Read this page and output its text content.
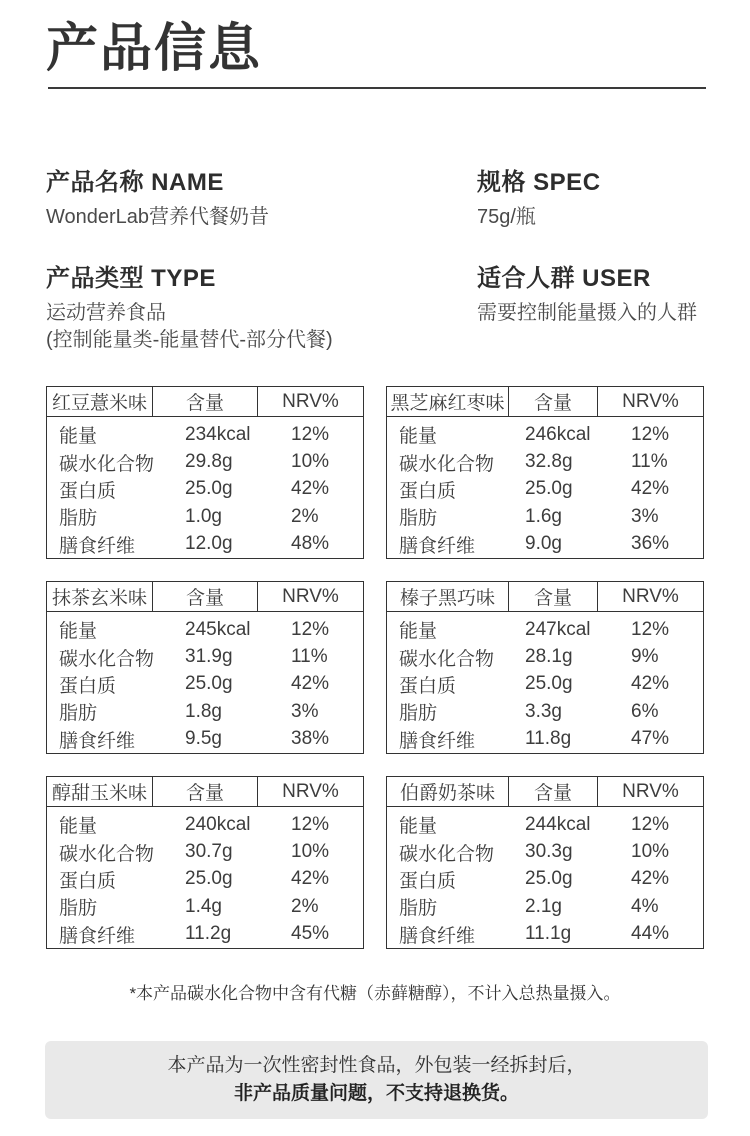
产品信息
产品名称 NAME
WonderLab营养代餐奶昔
规格 SPEC
75g/瓶
产品类型 TYPE
运动营养食品
(控制能量类-能量替代-部分代餐)
适合人群 USER
需要控制能量摄入的人群
红豆薏米味	含量	NRV%
能量	234kcal	12%
碳水化合物	29.8g	10%
蛋白质	25.0g	42%
脂肪	1.0g	2%
膳食纤维	12.0g	48%
黑芝麻红枣味	含量	NRV%
能量	246kcal	12%
碳水化合物	32.8g	11%
蛋白质	25.0g	42%
脂肪	1.6g	3%
膳食纤维	9.0g	36%
抹茶玄米味	含量	NRV%
能量	245kcal	12%
碳水化合物	31.9g	11%
蛋白质	25.0g	42%
脂肪	1.8g	3%
膳食纤维	9.5g	38%
榛子黑巧味	含量	NRV%
能量	247kcal	12%
碳水化合物	28.1g	9%
蛋白质	25.0g	42%
脂肪	3.3g	6%
膳食纤维	11.8g	47%
醇甜玉米味	含量	NRV%
能量	240kcal	12%
碳水化合物	30.7g	10%
蛋白质	25.0g	42%
脂肪	1.4g	2%
膳食纤维	11.2g	45%
伯爵奶茶味	含量	NRV%
能量	244kcal	12%
碳水化合物	30.3g	10%
蛋白质	25.0g	42%
脂肪	2.1g	4%
膳食纤维	11.1g	44%

*本产品碳水化合物中含有代糖（赤藓糖醇），不计入总热量摄入。

本产品为一次性密封性食品，外包装一经拆封后，

非产品质量问题，不支持退换货。
